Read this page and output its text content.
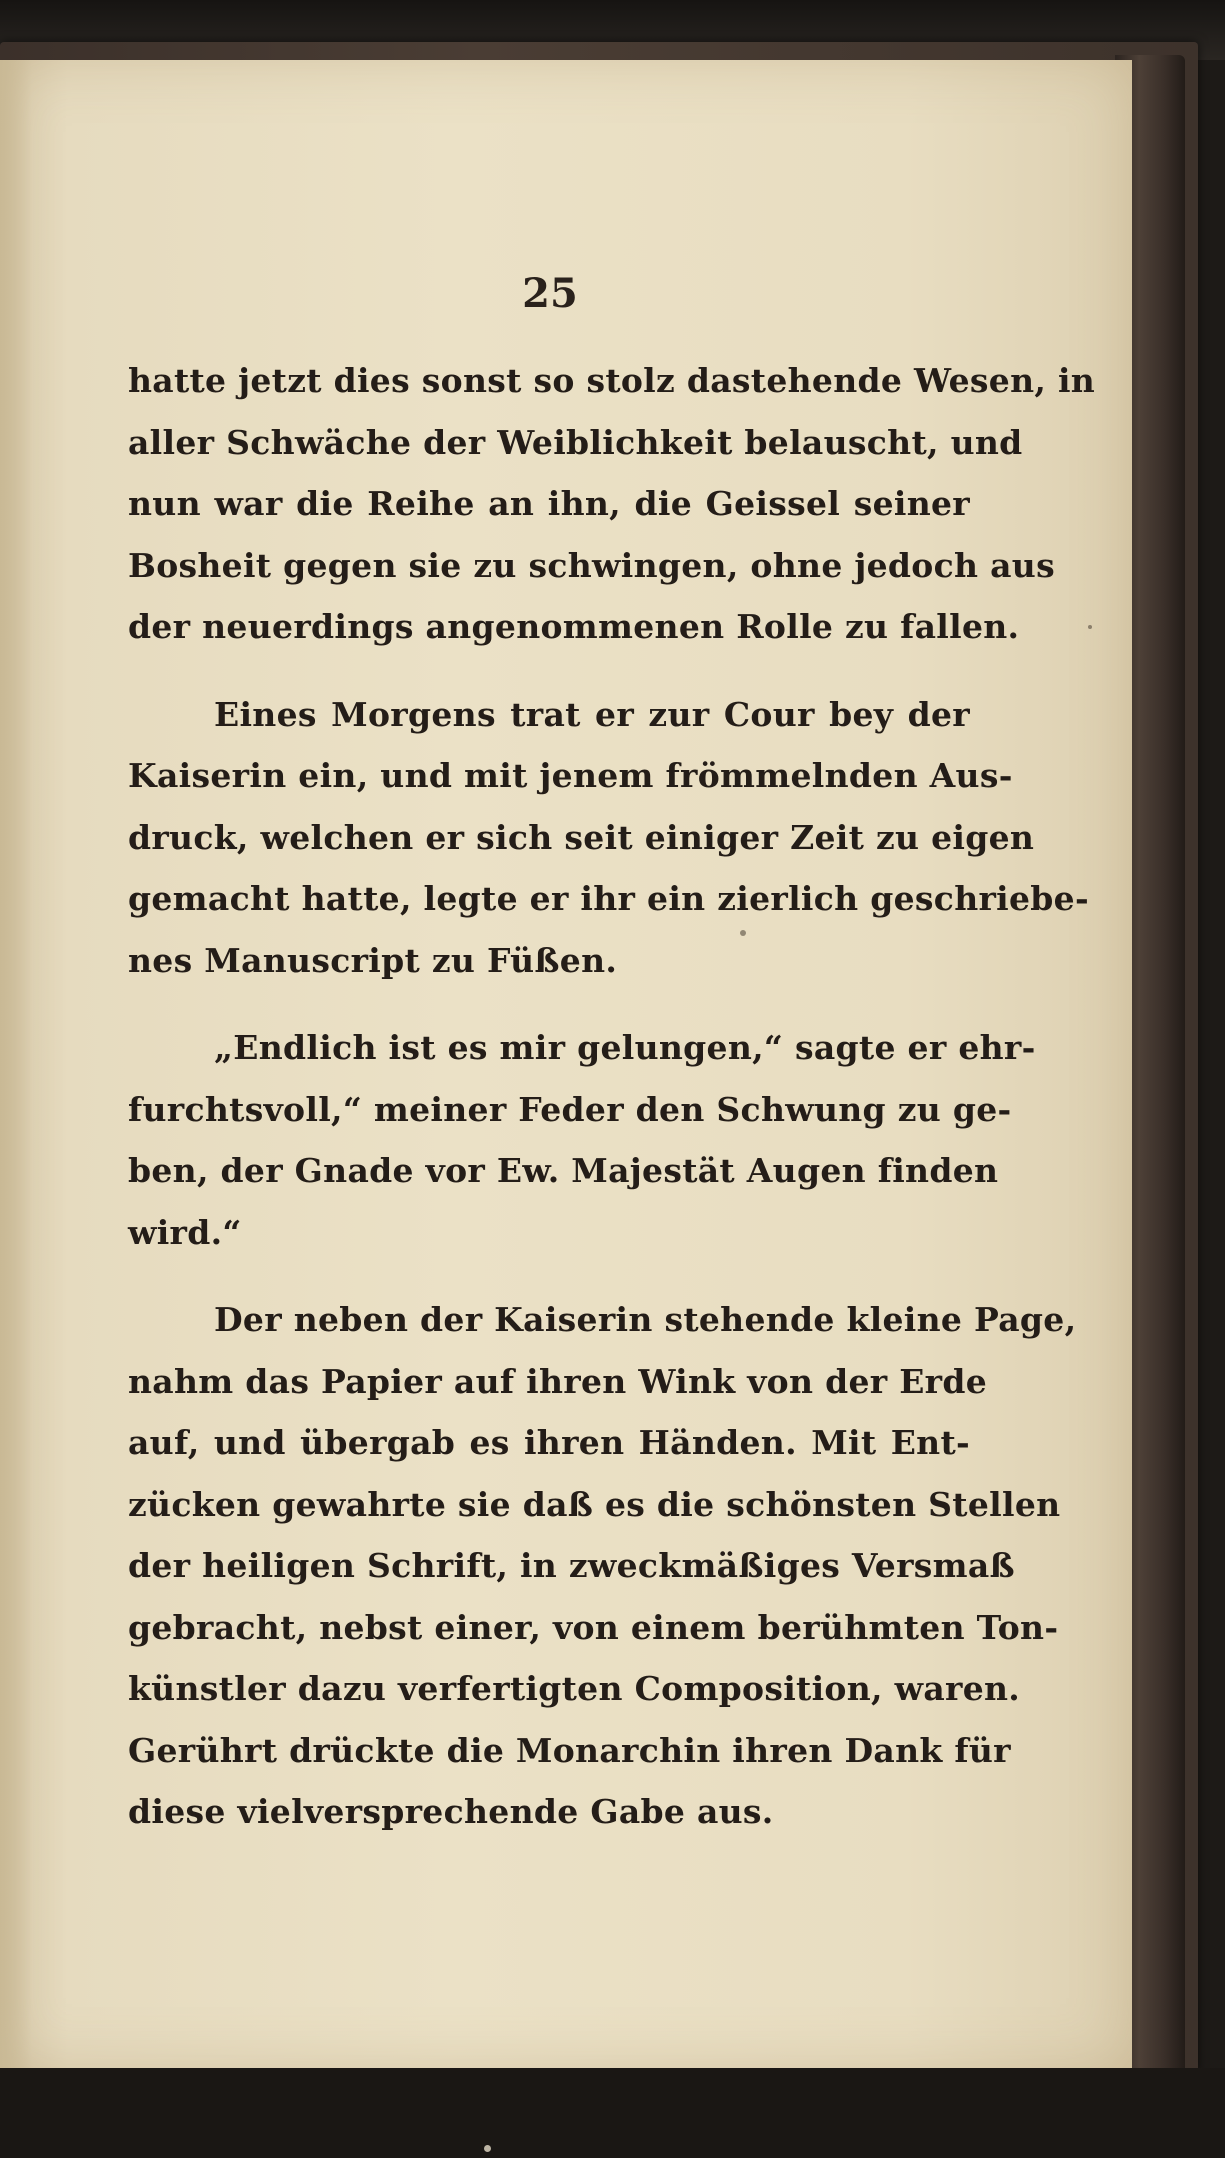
25
hatte jetzt dies sonst so stolz dastehende Wesen, in
aller Schwäche der Weiblichkeit belauscht, und
nun war die Reihe an ihn, die Geissel seiner
Bosheit gegen sie zu schwingen, ohne jedoch aus
der neuerdings angenommenen Rolle zu fallen.
Eines Morgens trat er zur Cour bey der
Kaiserin ein, und mit jenem frömmelnden Aus-
druck, welchen er sich seit einiger Zeit zu eigen
gemacht hatte, legte er ihr ein zierlich geschriebe-
nes Manuscript zu Füßen.
„Endlich ist es mir gelungen,“ sagte er ehr-
furchtsvoll,“ meiner Feder den Schwung zu ge-
ben, der Gnade vor Ew. Majestät Augen finden
wird.“
Der neben der Kaiserin stehende kleine Page,
nahm das Papier auf ihren Wink von der Erde
auf, und übergab es ihren Händen. Mit Ent-
zücken gewahrte sie daß es die schönsten Stellen
der heiligen Schrift, in zweckmäßiges Versmaß
gebracht, nebst einer, von einem berühmten Ton-
künstler dazu verfertigten Composition, waren.
Gerührt drückte die Monarchin ihren Dank für
diese vielversprechende Gabe aus.
